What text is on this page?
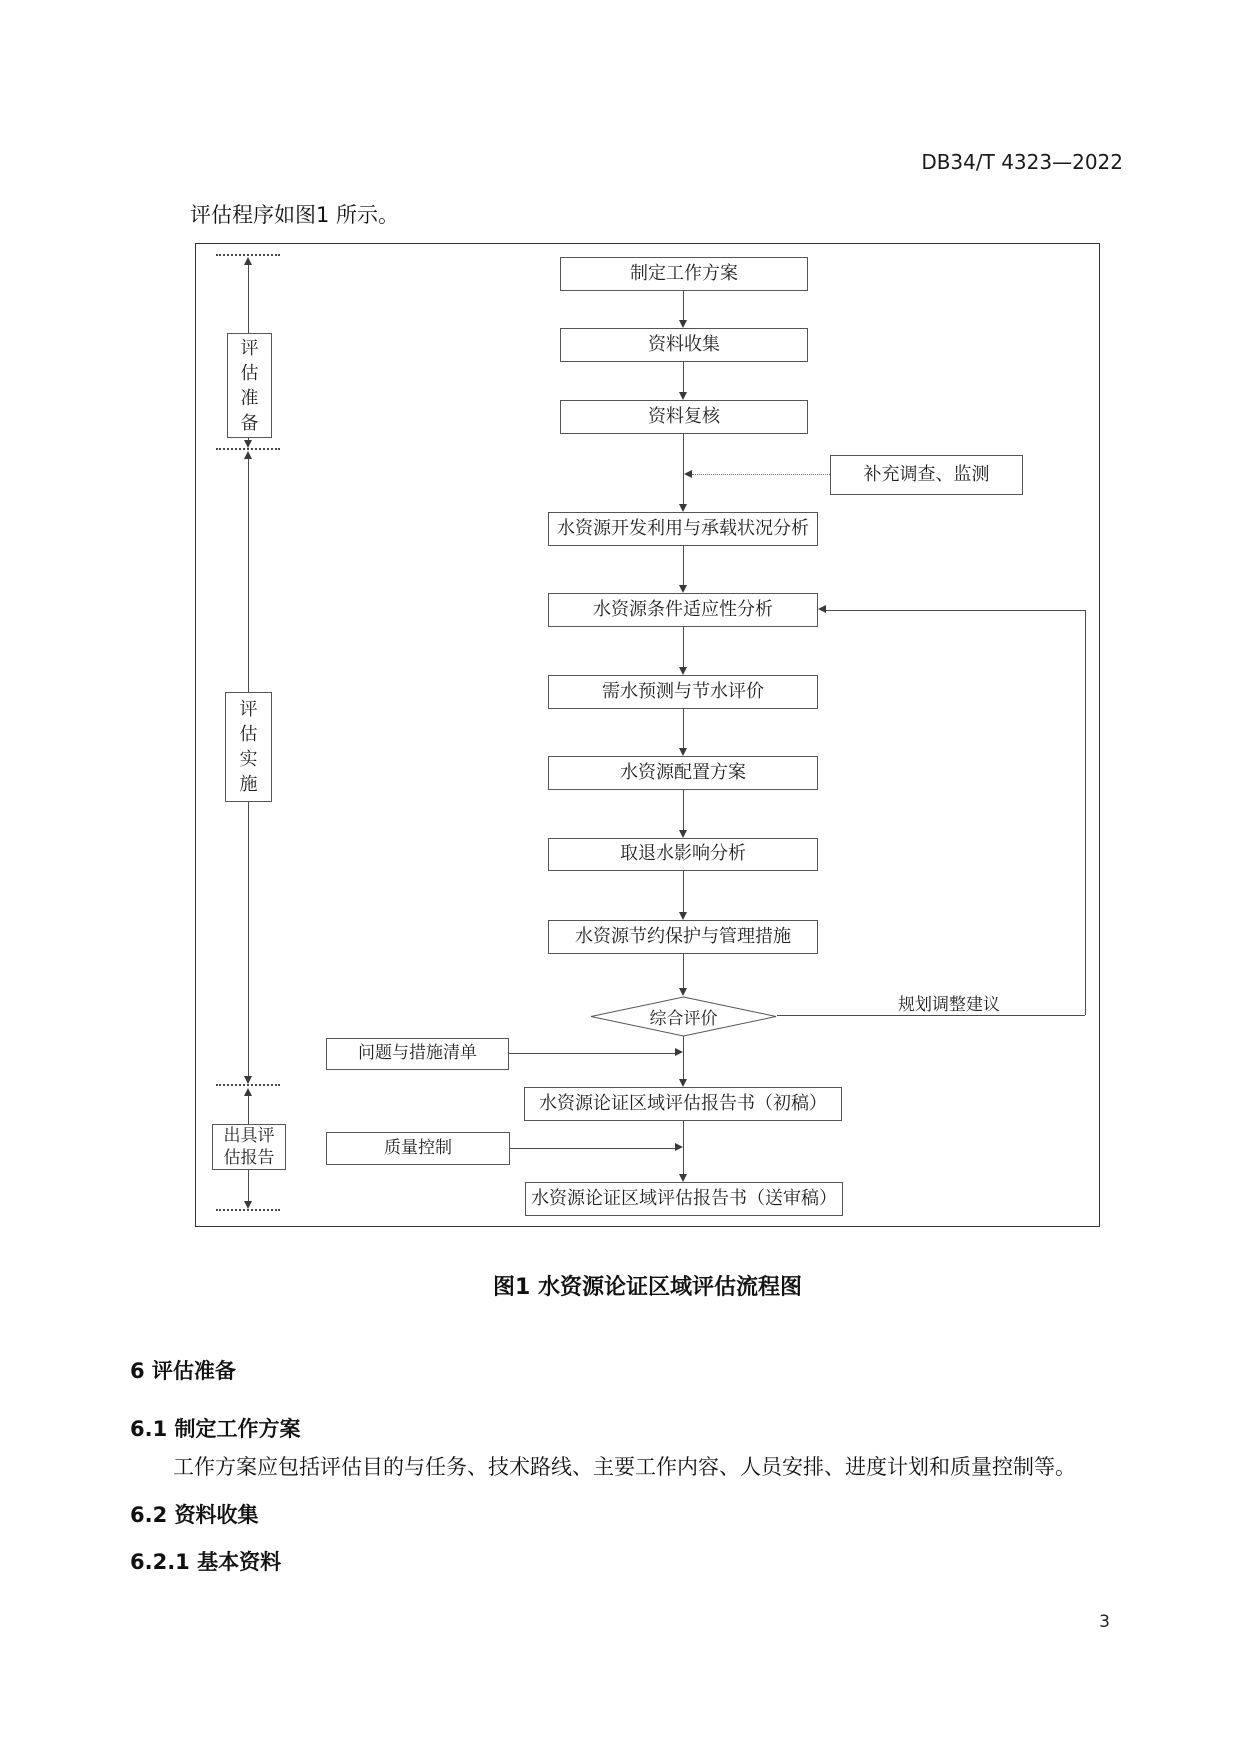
DB34/T 4323—2022
评估程序如图1 所示。
评估准备
评估实施
出具评估报告
规划调整建议
制定工作方案
资料收集
资料复核
补充调查、监测
水资源开发利用与承载状况分析
水资源条件适应性分析
需水预测与节水评价
水资源配置方案
取退水影响分析
水资源节约保护与管理措施
综合评价
问题与措施清单
水资源论证区域评估报告书（初稿）
质量控制
水资源论证区域评估报告书（送审稿）
图1 水资源论证区域评估流程图
6 评估准备
6.1 制定工作方案
工作方案应包括评估目的与任务、技术路线、主要工作内容、人员安排、进度计划和质量控制等。
6.2 资料收集
6.2.1 基本资料
3
